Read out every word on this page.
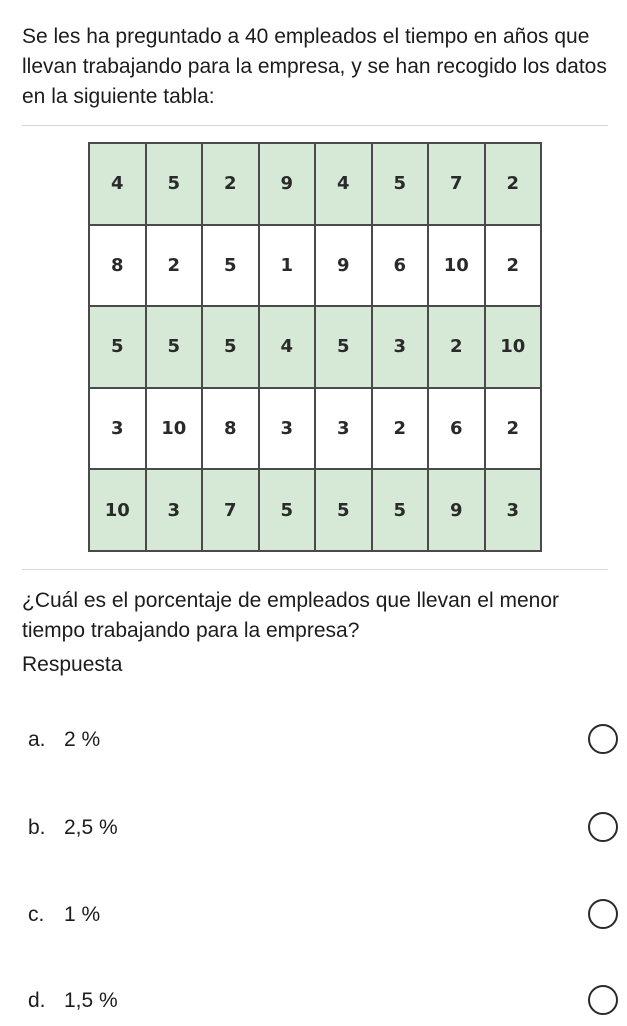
Se les ha preguntado a 40 empleados el tiempo en años que llevan trabajando para la empresa, y se han recogido los datos en la siguiente tabla:

4	5	2	9	4	5	7	2
8	2	5	1	9	6	10	2
5	5	5	4	5	3	2	10
3	10	8	3	3	2	6	2
10	3	7	5	5	5	9	3

¿Cuál es el porcentaje de empleados que llevan el menor tiempo trabajando para la empresa?

Respuesta

a. 2 %
b. 2,5 %
c. 1 %
d. 1,5 %
